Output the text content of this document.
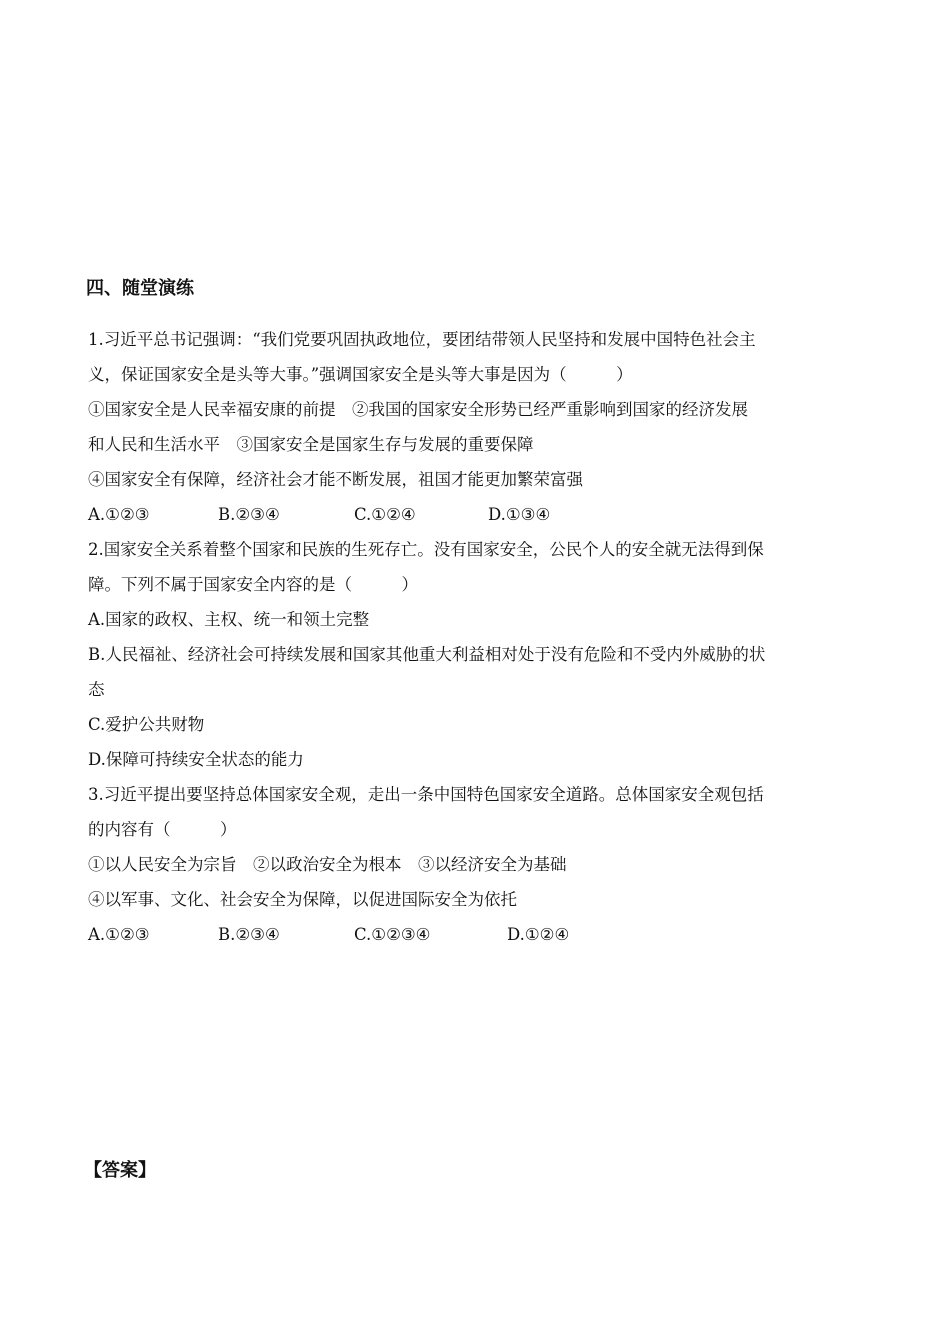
四、随堂演练
1.习近平总书记强调：“我们党要巩固执政地位，要团结带领人民坚持和发展中国特色社会主
义，保证国家安全是头等大事。”强调国家安全是头等大事是因为（　　　）
①国家安全是人民幸福安康的前提　②我国的国家安全形势已经严重影响到国家的经济发展
和人民和生活水平　③国家安全是国家生存与发展的重要保障
④国家安全有保障，经济社会才能不断发展，祖国才能更加繁荣富强
A.①②③	B.②③④	C.①②④	D.①③④
2.国家安全关系着整个国家和民族的生死存亡。没有国家安全，公民个人的安全就无法得到保
障。下列不属于国家安全内容的是（　　　）
A.国家的政权、主权、统一和领土完整
B.人民福祉、经济社会可持续发展和国家其他重大利益相对处于没有危险和不受内外威胁的状
态
C.爱护公共财物
D.保障可持续安全状态的能力
3.习近平提出要坚持总体国家安全观，走出一条中国特色国家安全道路。总体国家安全观包括
的内容有（　　　）
①以人民安全为宗旨　②以政治安全为根本　③以经济安全为基础
④以军事、文化、社会安全为保障，以促进国际安全为依托
A.①②③	B.②③④	C.①②③④	D.①②④
【答案】
